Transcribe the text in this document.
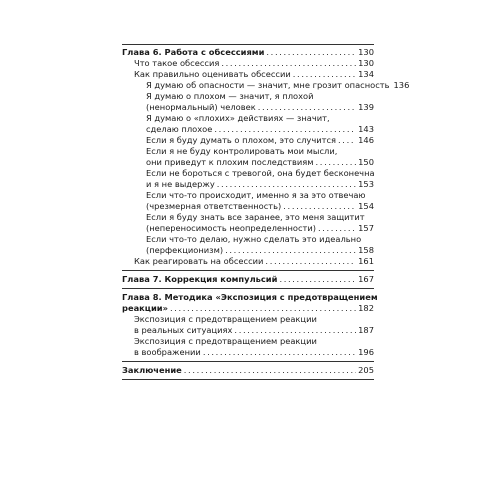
Глава 6. Работа с обсессиями . . .	130
Что такое обсессия . . .	130
Как правильно оценивать обсессии . . .	134
Я думаю об опасности — значит, мне грозит опасность 136
Я думаю о плохом — значит, я плохой
(ненормальный) человек . . .	139
Я думаю о «плохих» действиях — значит,
сделаю плохое . . .	143
Если я буду думать о плохом, это случится . . .	146
Если я не буду контролировать мои мысли,
они приведут к плохим последствиям . . .	150
Если не бороться с тревогой, она будет бесконечна
и я не выдержу . . .	153
Если что-то происходит, именно я за это отвечаю
(чрезмерная ответственность) . . .	154
Если я буду знать все заранее, это меня защитит
(непереносимость неопределенности) . . .	157
Если что-то делаю, нужно сделать это идеально
(перфекционизм) . . .	158
Как реагировать на обсессии . . .	161
Глава 7. Коррекция компульсий . . .	167
Глава 8. Методика «Экспозиция с предотвращением
реакции» . . .	182
Экспозиция с предотвращением реакции
в реальных ситуациях . . .	187
Экспозиция с предотвращением реакции
в воображении . . .	196
Заключение . . .	205
